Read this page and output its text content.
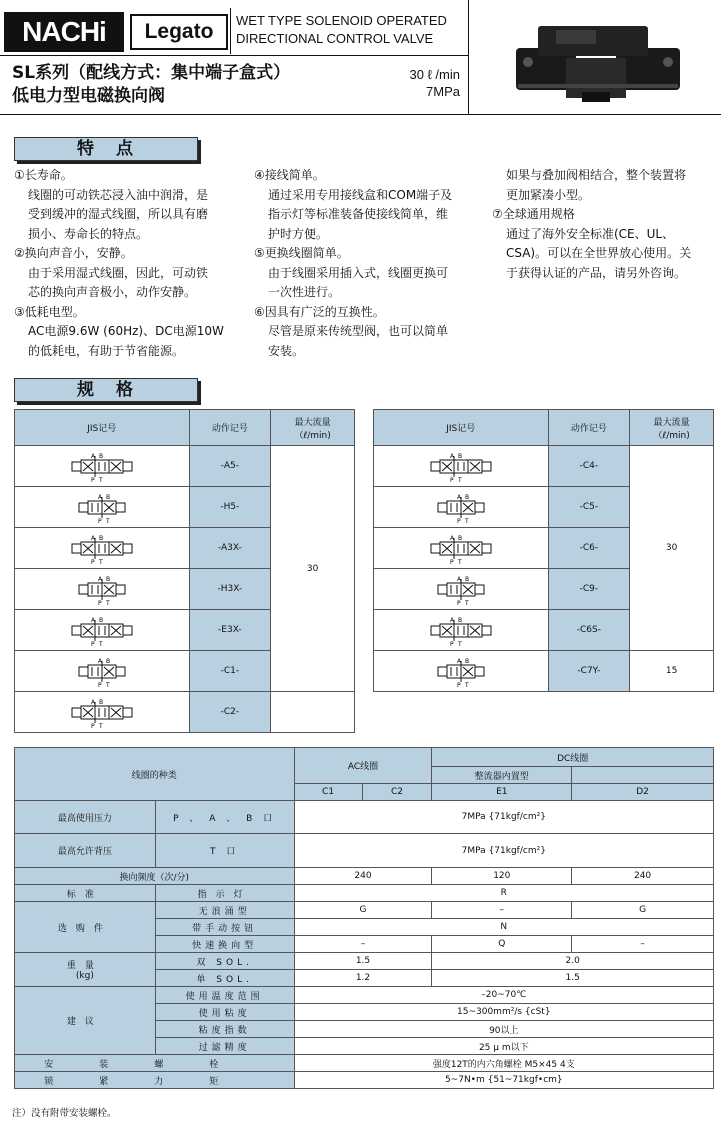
NACHi	Legato	WET TYPE SOLENOID OPERATED
DIRECTIONAL CONTROL VALVE
SL系列（配线方式：集中端子盒式）
低电力型电磁换向阀
30 ℓ /min
7MPa
特点

①长寿命。

线圈的可动铁芯浸入油中润滑，是

受到缓冲的湿式线圈，所以具有磨

损小、寿命长的特点。

②换向声音小，安静。

由于采用湿式线圈，因此，可动铁

芯的换向声音极小，动作安静。

③低耗电型。

AC电源9.6W (60Hz)、DC电源10W

的低耗电，有助于节省能源。

④接线简单。

通过采用专用接线盒和COM端子及

指示灯等标准装备使接线简单，维

护时方便。

⑤更换线圈简单。

由于线圈采用插入式，线圈更换可

一次性进行。

⑥因具有广泛的互换性。

尽管是原来传统型阀，也可以简单

安装。

如果与叠加阀相结合，整个装置将

更加紧凑小型。

⑦全球通用规格

通过了海外安全标准(CE、UL、

CSA)。可以在全世界放心使用。关

于获得认证的产品，请另外咨询。

规格
JIS记号	动作记号	最大流量
（ℓ/min)

A B
P T	-A5-	30

A B
P T	-H5-	

A B
P T	-A3X-	

A B
P T	-H3X-	

A B
P T	-E3X-	

A B
P T	-C1-	

A B
P T	-C2-	
JIS记号	动作记号	最大流量
（ℓ/min)

A B
P T	-C4-	30

A B
P T	-C5-	

A B
P T	-C6-	

A B
P T	-C9-	

A B
P T	-C6S-	

A B
P T	-C7Y-	15
线圈的种类		AC线圈		DC线圈	
				整流器内置型	
		C1	C2	E1	D2
最高使用压力	P 、 A 、 B 口	7MPa {71kgf/cm²}			
最高允许背压	T 口	7MPa {71kgf/cm²}			
换向频度（次/分)		240		120	240
标准	指示灯	R			
选购件	无浪涌型	G		–	G
	带手动按钮	N			
	快速换向型	–		Q	–

重量
(kg)	双 SOL.	1.5		2.0	
	单 SOL.	1.2		1.5	
建议	使用温度范围	–20~70℃			
	使用粘度	15~300mm²/s {cSt}			
	粘度指数	90以上			
	过滤精度	25 μ m以下			
安装螺栓		强度12T的内六角螺栓 M5×45 4支			
锁紧力矩		5~7N•m {51~71kgf•cm}			
注）没有附带安装螺栓。
